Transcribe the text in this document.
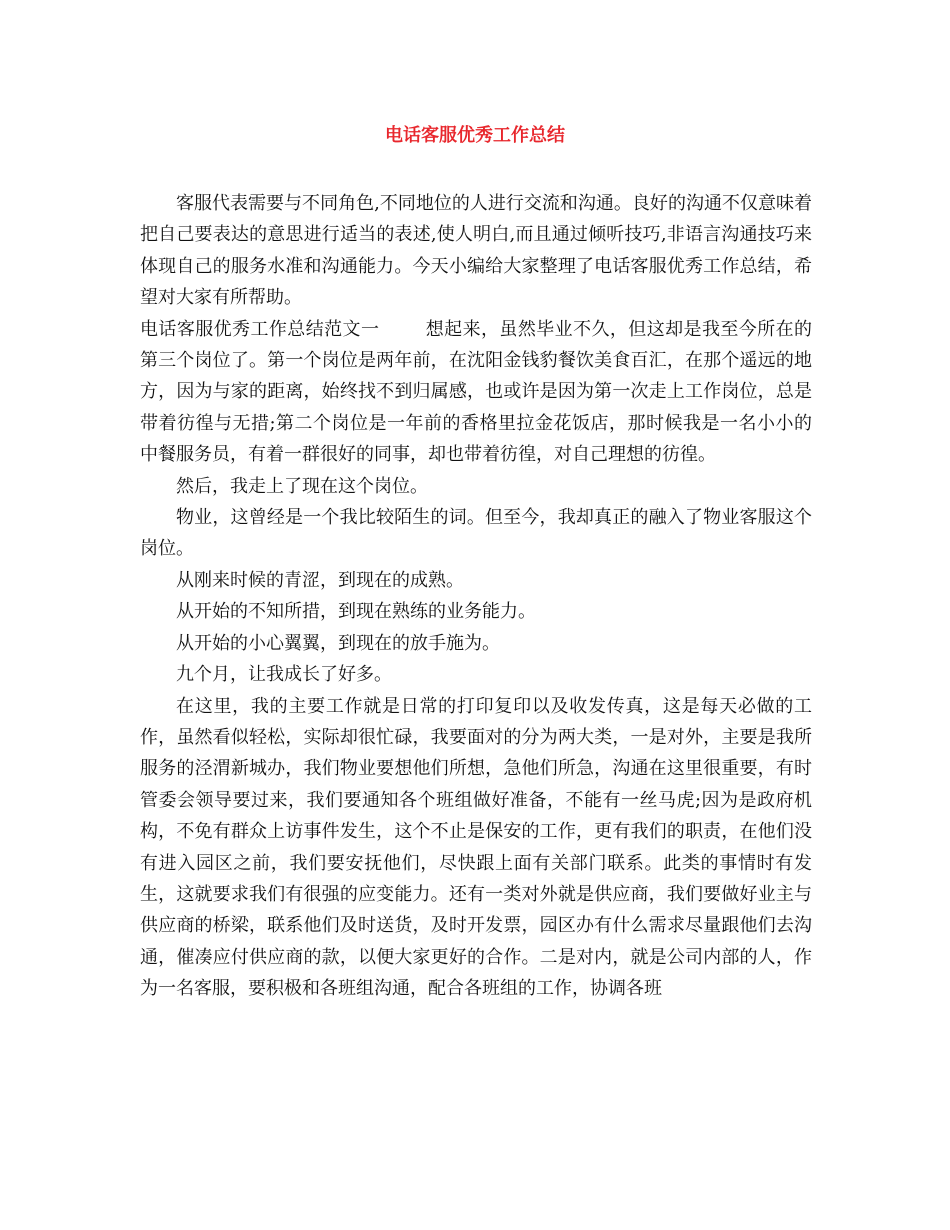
电话客服优秀工作总结

客服代表需要与不同角色,不同地位的人进行交流和沟通。良好的沟通不仅意味着把自己要表达的意思进行适当的表述,使人明白,而且通过倾听技巧,非语言沟通技巧来体现自己的服务水准和沟通能力。今天小编给大家整理了电话客服优秀工作总结，希望对大家有所帮助。

电话客服优秀工作总结范文一	想起来，虽然毕业不久，但这却是我至今所在的第三个岗位了。第一个岗位是两年前，在沈阳金钱豹餐饮美食百汇，在那个遥远的地方，因为与家的距离，始终找不到归属感，也或许是因为第一次走上工作岗位，总是带着彷徨与无措;第二个岗位是一年前的香格里拉金花饭店，那时候我是一名小小的中餐服务员，有着一群很好的同事，却也带着彷徨，对自己理想的彷徨。

然后，我走上了现在这个岗位。

物业，这曾经是一个我比较陌生的词。但至今，我却真正的融入了物业客服这个岗位。

从刚来时候的青涩，到现在的成熟。

从开始的不知所措，到现在熟练的业务能力。

从开始的小心翼翼，到现在的放手施为。

九个月，让我成长了好多。

在这里，我的主要工作就是日常的打印复印以及收发传真，这是每天必做的工作，虽然看似轻松，实际却很忙碌，我要面对的分为两大类，一是对外，主要是我所服务的泾渭新城办，我们物业要想他们所想，急他们所急，沟通在这里很重要，有时管委会领导要过来，我们要通知各个班组做好准备，不能有一丝马虎;因为是政府机构，不免有群众上访事件发生，这个不止是保安的工作，更有我们的职责，在他们没有进入园区之前，我们要安抚他们，尽快跟上面有关部门联系。此类的事情时有发生，这就要求我们有很强的应变能力。还有一类对外就是供应商，我们要做好业主与供应商的桥梁，联系他们及时送货，及时开发票，园区办有什么需求尽量跟他们去沟通，催凑应付供应商的款，以便大家更好的合作。二是对内，就是公司内部的人，作为一名客服，要积极和各班组沟通，配合各班组的工作，协调各班
